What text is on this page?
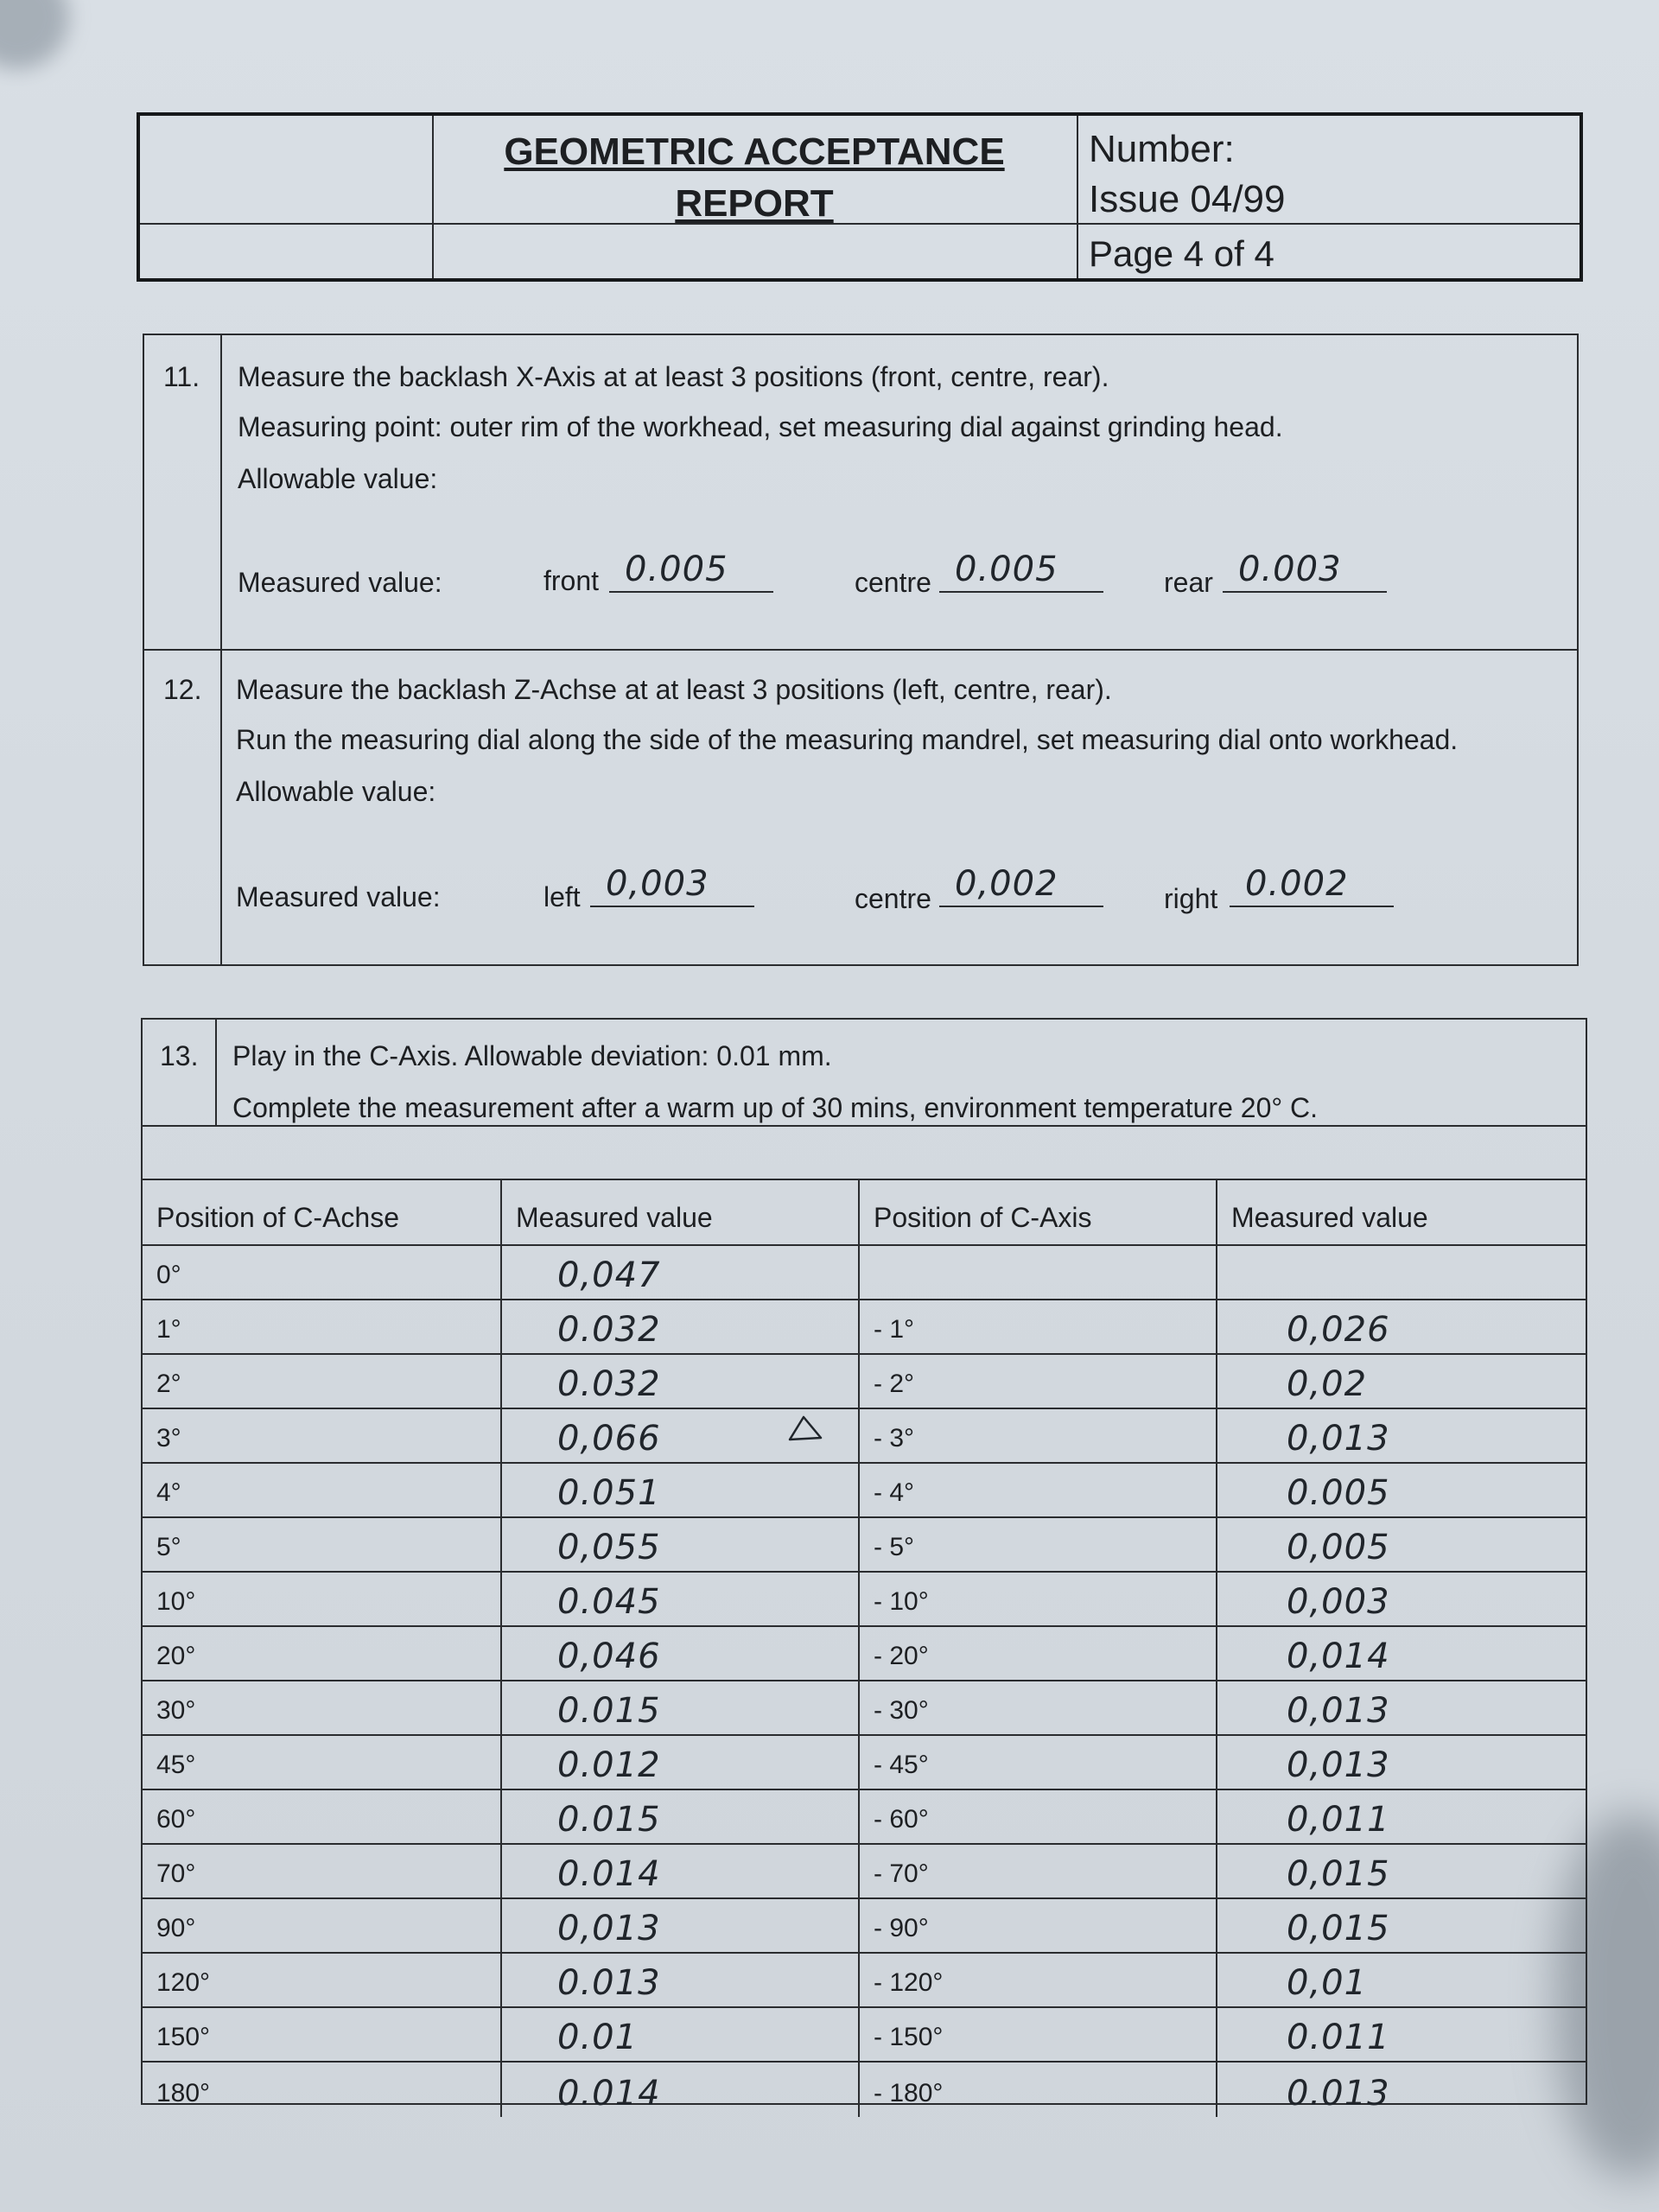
GEOMETRIC ACCEPTANCE
REPORT
Number:
Issue 04/99
Page 4 of 4
11. Measure the backlash X-Axis at at least 3 positions (front, centre, rear).
Measuring point: outer rim of the workhead, set measuring dial against grinding head.
Allowable value:
Measured value:	front 0.005	centre 0.005	rear 0.003
12. Measure the backlash Z-Achse at at least 3 positions (left, centre, rear).
Run the measuring dial along the side of the measuring mandrel, set measuring dial onto workhead.
Allowable value:
Measured value:	left 0,003	centre 0,002	right 0.002
13. Play in the C-Axis. Allowable deviation: 0.01 mm.
Complete the measurement after a warm up of 30 mins, environment temperature 20° C.
Position of C-Achse	Measured value	Position of C-Axis	Measured value
0°	0,047
1°	0.032	- 1°	0,026
2°	0.032	- 2°	0,02
3°	0,066	- 3°	0,013
4°	0.051	- 4°	0.005
5°	0,055	- 5°	0,005
10°	0.045	- 10°	0,003
20°	0,046	- 20°	0,014
30°	0.015	- 30°	0,013
45°	0.012	- 45°	0,013
60°	0.015	- 60°	0,011
70°	0.014	- 70°	0,015
90°	0,013	- 90°	0,015
120°	0.013	- 120°	0,01
150°	0.01	- 150°	0.011
180°	0.014	- 180°	0.013
